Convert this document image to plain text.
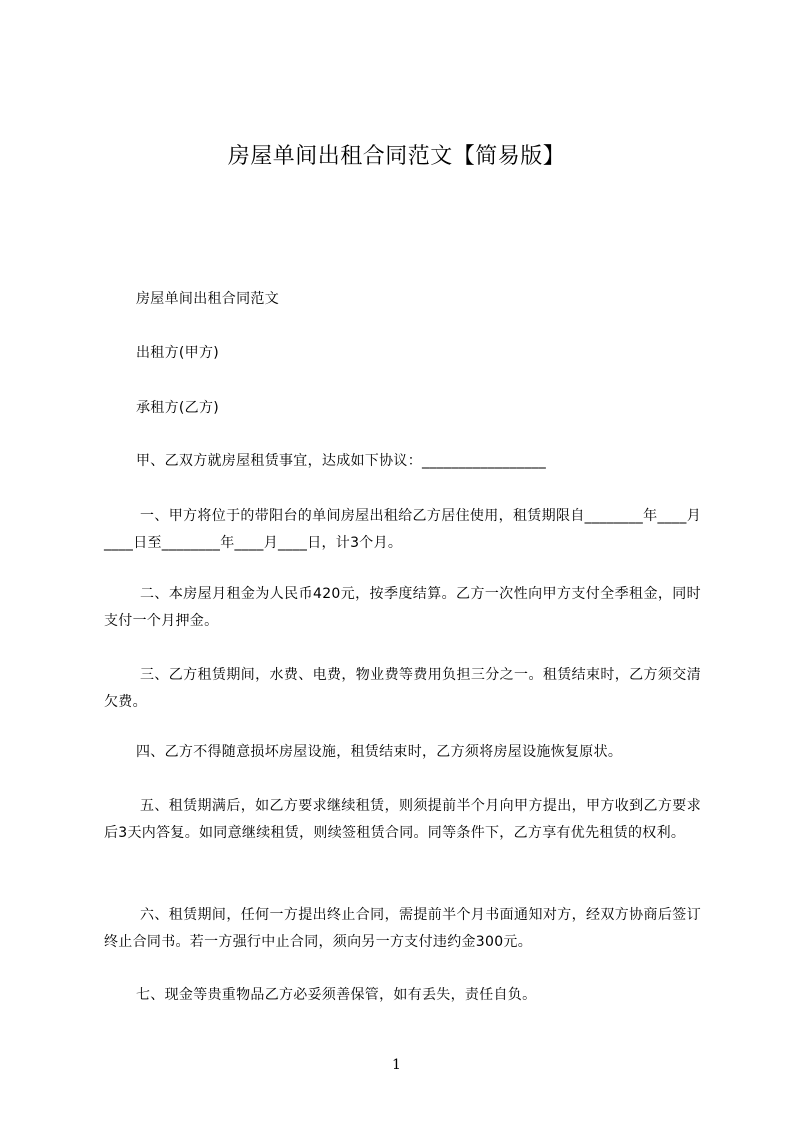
房屋单间出租合同范文【简易版】
房屋单间出租合同范文
出租方(甲方)
承租方(乙方)
甲、乙双方就房屋租赁事宜，达成如下协议：_________________
一、甲方将位于的带阳台的单间房屋出租给乙方居住使用，租赁期限自________年____月____日至________年____月____日，计3个月。
二、本房屋月租金为人民币420元，按季度结算。乙方一次性向甲方支付全季租金，同时支付一个月押金。
三、乙方租赁期间，水费、电费，物业费等费用负担三分之一。租赁结束时，乙方须交清欠费。
四、乙方不得随意损坏房屋设施，租赁结束时，乙方须将房屋设施恢复原状。
五、租赁期满后，如乙方要求继续租赁，则须提前半个月向甲方提出，甲方收到乙方要求后3天内答复。如同意继续租赁，则续签租赁合同。同等条件下，乙方享有优先租赁的权利。
六、租赁期间，任何一方提出终止合同，需提前半个月书面通知对方，经双方协商后签订终止合同书。若一方强行中止合同，须向另一方支付违约金300元。
七、现金等贵重物品乙方必妥须善保管，如有丢失，责任自负。
1
